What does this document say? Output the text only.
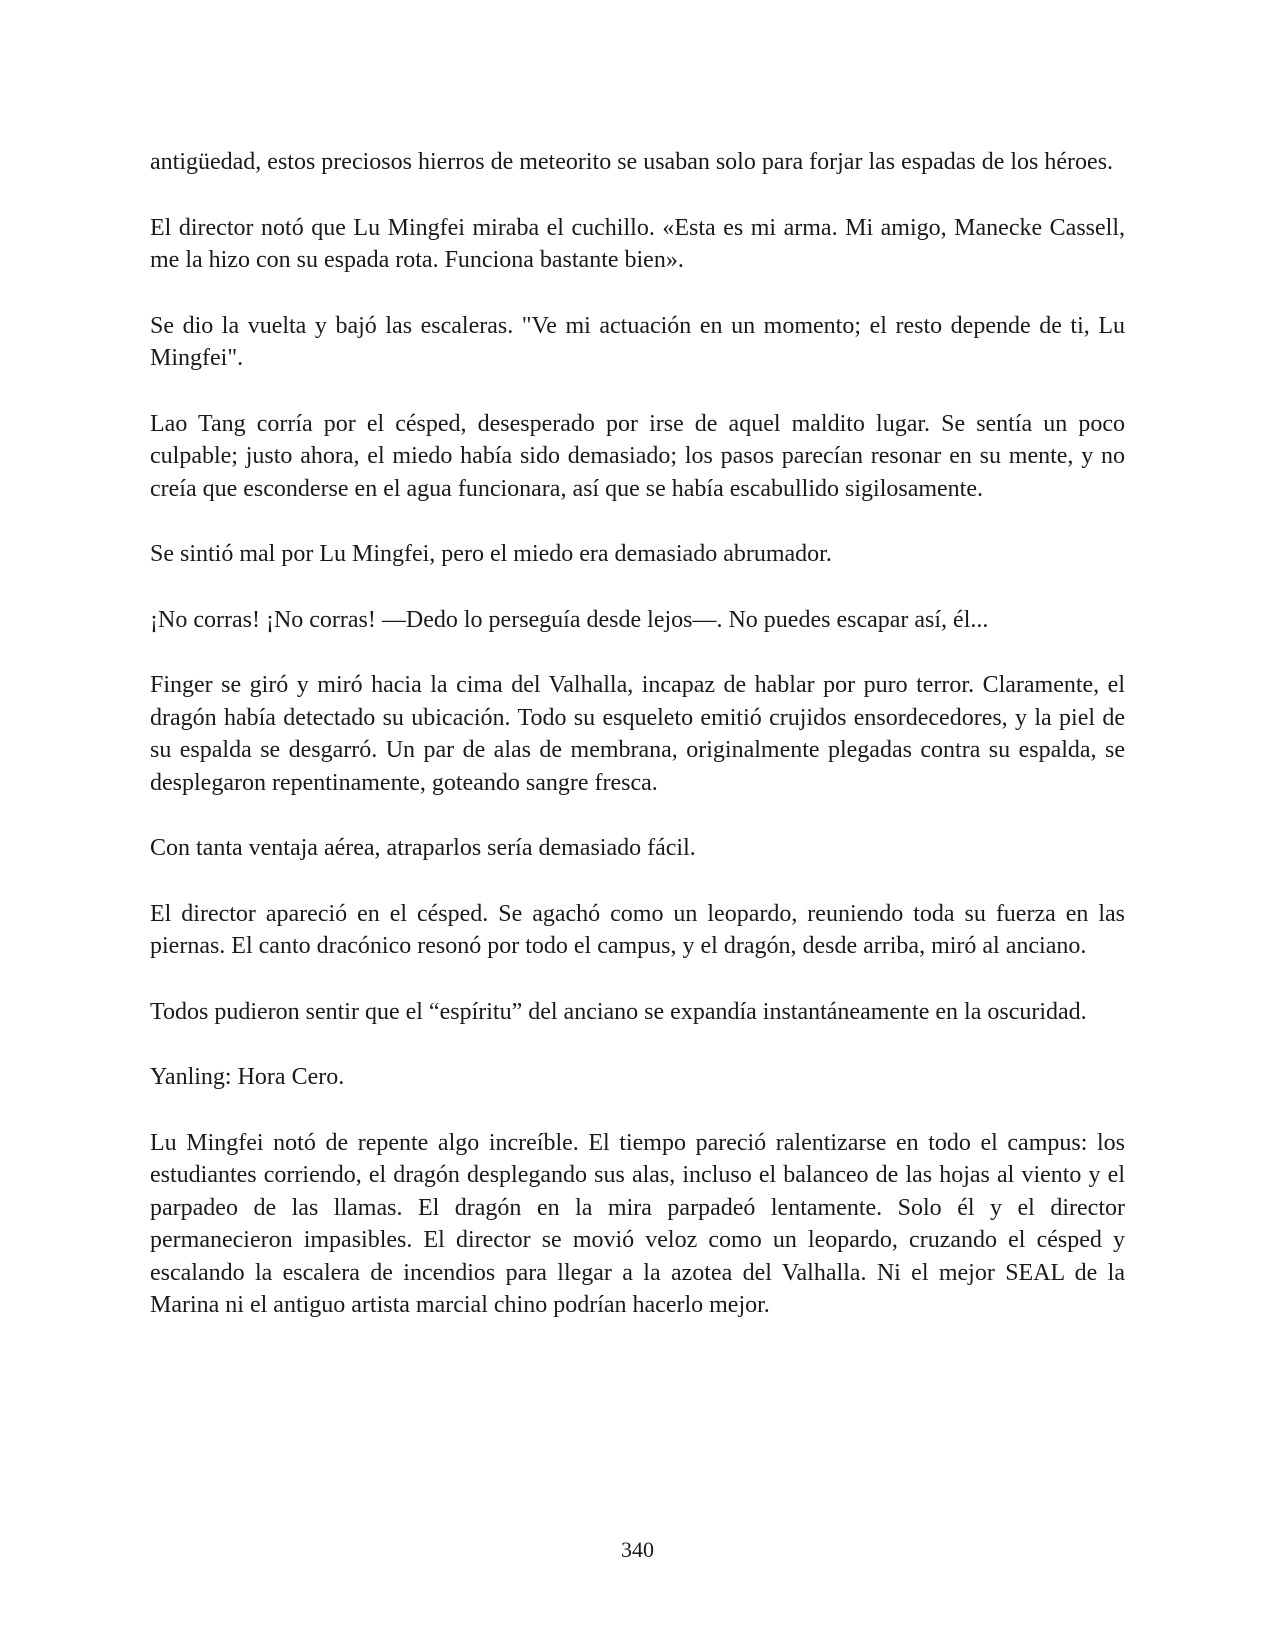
antigüedad, estos preciosos hierros de meteorito se usaban solo para forjar las espadas de los héroes.

El director notó que Lu Mingfei miraba el cuchillo. «Esta es mi arma. Mi amigo, Manecke Cassell, me la hizo con su espada rota. Funciona bastante bien».

Se dio la vuelta y bajó las escaleras. "Ve mi actuación en un momento; el resto depende de ti, Lu Mingfei".

Lao Tang corría por el césped, desesperado por irse de aquel maldito lugar. Se sentía un poco culpable; justo ahora, el miedo había sido demasiado; los pasos parecían resonar en su mente, y no creía que esconderse en el agua funcionara, así que se había escabullido sigilosamente.

Se sintió mal por Lu Mingfei, pero el miedo era demasiado abrumador.

¡No corras! ¡No corras! —Dedo lo perseguía desde lejos—. No puedes escapar así, él...

Finger se giró y miró hacia la cima del Valhalla, incapaz de hablar por puro terror. Claramente, el dragón había detectado su ubicación. Todo su esqueleto emitió crujidos ensordecedores, y la piel de su espalda se desgarró. Un par de alas de membrana, originalmente plegadas contra su espalda, se desplegaron repentinamente, goteando sangre fresca.

Con tanta ventaja aérea, atraparlos sería demasiado fácil.

El director apareció en el césped. Se agachó como un leopardo, reuniendo toda su fuerza en las piernas. El canto dracónico resonó por todo el campus, y el dragón, desde arriba, miró al anciano.

Todos pudieron sentir que el “espíritu” del anciano se expandía instantáneamente en la oscuridad.

Yanling: Hora Cero.

Lu Mingfei notó de repente algo increíble. El tiempo pareció ralentizarse en todo el campus: los estudiantes corriendo, el dragón desplegando sus alas, incluso el balanceo de las hojas al viento y el parpadeo de las llamas. El dragón en la mira parpadeó lentamente. Solo él y el director permanecieron impasibles. El director se movió veloz como un leopardo, cruzando el césped y escalando la escalera de incendios para llegar a la azotea del Valhalla. Ni el mejor SEAL de la Marina ni el antiguo artista marcial chino podrían hacerlo mejor.

340
